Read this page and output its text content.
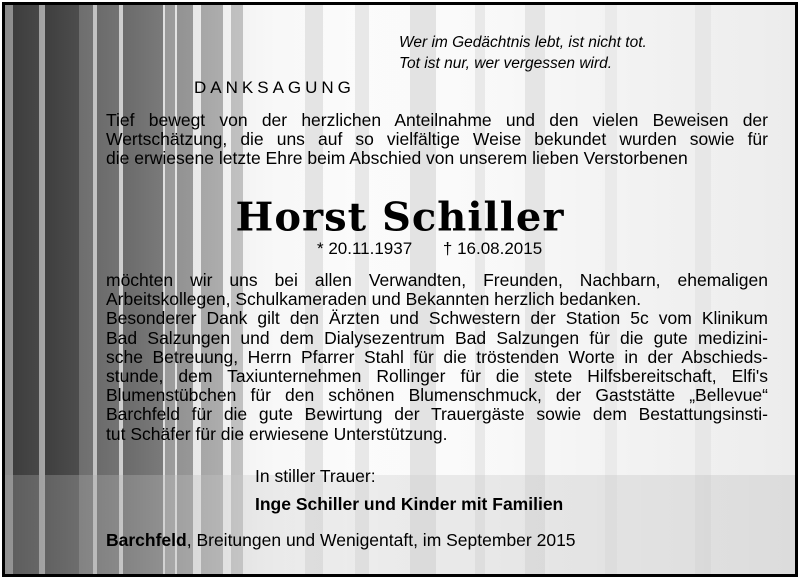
Wer im Gedächtnis lebt, ist nicht tot.
Tot ist nur, wer vergessen wird.
DANKSAGUNG
Tief bewegt von der herzlichen Anteilnahme und den vielen Beweisen der
Wertschätzung, die uns auf so vielfältige Weise bekundet wurden sowie für

die erwiesene letzte Ehre beim Abschied von unserem lieben Verstorbenen
Horst Schiller
* 20.11.1937 † 16.08.2015
möchten wir uns bei allen Verwandten, Freunden, Nachbarn, ehemaligen

Arbeitskollegen, Schulkameraden und Bekannten herzlich bedanken.
Besonderer Dank gilt den Ärzten und Schwestern der Station 5c vom Klinikum
Bad Salzungen und dem Dialysezentrum Bad Salzungen für die gute medizini-
sche Betreuung, Herrn Pfarrer Stahl für die tröstenden Worte in der Abschieds-
stunde, dem Taxiunternehmen Rollinger für die stete Hilfsbereitschaft, Elfi's
Blumenstübchen für den schönen Blumenschmuck, der Gaststätte „Bellevue“
Barchfeld für die gute Bewirtung der Trauergäste sowie dem Bestattungsinsti-

tut Schäfer für die erwiesene Unterstützung.
In stiller Trauer:
Inge Schiller und Kinder mit Familien
Barchfeld, Breitungen und Wenigentaft, im September 2015
